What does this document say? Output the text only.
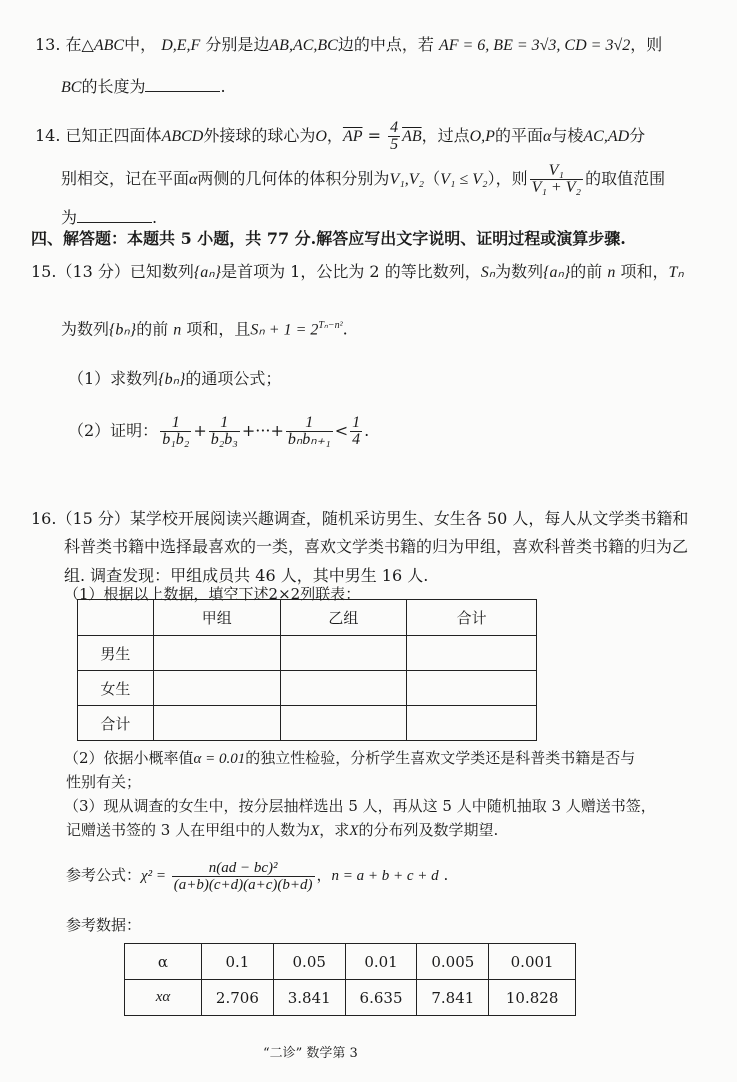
13. 在△ABC中， D,E,F 分别是边AB,AC,BC边的中点，若 AF = 6, BE = 3√3, CD = 3√2，则
BC的长度为	.
14. 已知正四面体ABCD外接球的球心为O，$\overline{AP} = \frac{4}{5} \overline{AB}$，过点O,P的平面α与棱AC,AD分
别相交，记在平面α两侧的几何体的体积分别为V₁,V₂（V₁ ≤ V₂），则 $\frac{\text{V₁}}{\text{V₁ + V₂}}$ 的取值范围
为	.
四、解答题：本题共 5 小题，共 77 分.解答应写出文字说明、证明过程或演算步骤.
15.（13 分）已知数列{aₙ}是首项为 1，公比为 2 的等比数列，Sₙ为数列{aₙ}的前 n 项和，Tₙ
为数列{bₙ}的前 n 项和，且$S_n + 1 = 2^{T_n-n^2}$.
（1）求数列{bₙ}的通项公式；
（2）证明： $\frac{1}{\text{b₁b₂}} + \frac{1}{\text{b₂b₃}}$ +···+ $\frac{1}{\text{bₙbₙ₊₁}} < \frac{1}{4}$ .
16.（15 分）某学校开展阅读兴趣调查，随机采访男生、女生各 50 人，每人从文学类书籍和
科普类书籍中选择最喜欢的一类，喜欢文学类书籍的归为甲组，喜欢科普类书籍的归为乙
组. 调查发现：甲组成员共 46 人，其中男生 16 人.
（1）根据以上数据，填空下述2×2列联表：
	甲组	乙组	合计
男生			
女生			
合计			
（2）依据小概率值α = 0.01的独立性检验，分析学生喜欢文学类还是科普类书籍是否与
性别有关；
（3）现从调查的女生中，按分层抽样选出 5 人，再从这 5 人中随机抽取 3 人赠送书签，
记赠送书签的 3 人在甲组中的人数为X，求X的分布列及数学期望.
参考公式：$\chi^2 = \frac{\text{n(ad − bc)²}}{(a+b)(c+d)(a+c)(b+d)}$ ，n = a + b + c + d .
参考数据：
α	0.1	0.05	0.01	0.005	0.001
xα	2.706	3.841	6.635	7.841	10.828
“二诊” 数学第 3
